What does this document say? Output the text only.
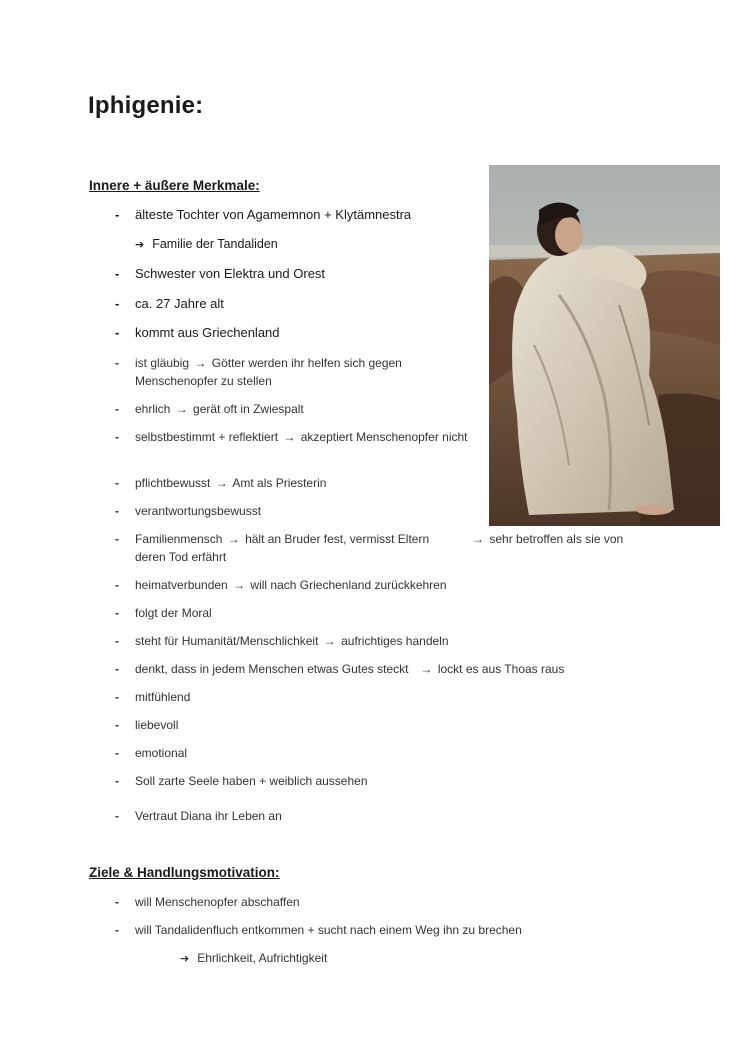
Iphigenie:
Innere + äußere Merkmale:
- älteste Tochter von Agamemnon + Klytämnestra
➔ Familie der Tandaliden
- Schwester von Elektra und Orest
- ca. 27 Jahre alt
- kommt aus Griechenland
- ist gläubig → Götter werden ihr helfen sich gegen Menschenopfer zu stellen
- ehrlich → gerät oft in Zwiespalt
- selbstbestimmt + reflektiert → akzeptiert Menschenopfer nicht
- pflichtbewusst → Amt als Priesterin
- verantwortungsbewusst
- Familienmensch → hält an Bruder fest, vermisst Eltern	→ sehr betroffen als sie von
deren Tod erfährt
- heimatverbunden → will nach Griechenland zurückkehren
- folgt der Moral
- steht für Humanität/Menschlichkeit → aufrichtiges handeln
- denkt, dass in jedem Menschen etwas Gutes steckt → lockt es aus Thoas raus
- mitfühlend
- liebevoll
- emotional
- Soll zarte Seele haben + weiblich aussehen
- Vertraut Diana ihr Leben an
Ziele & Handlungsmotivation:
- will Menschenopfer abschaffen
- will Tandalidenfluch entkommen + sucht nach einem Weg ihn zu brechen
➔ Ehrlichkeit, Aufrichtigkeit
